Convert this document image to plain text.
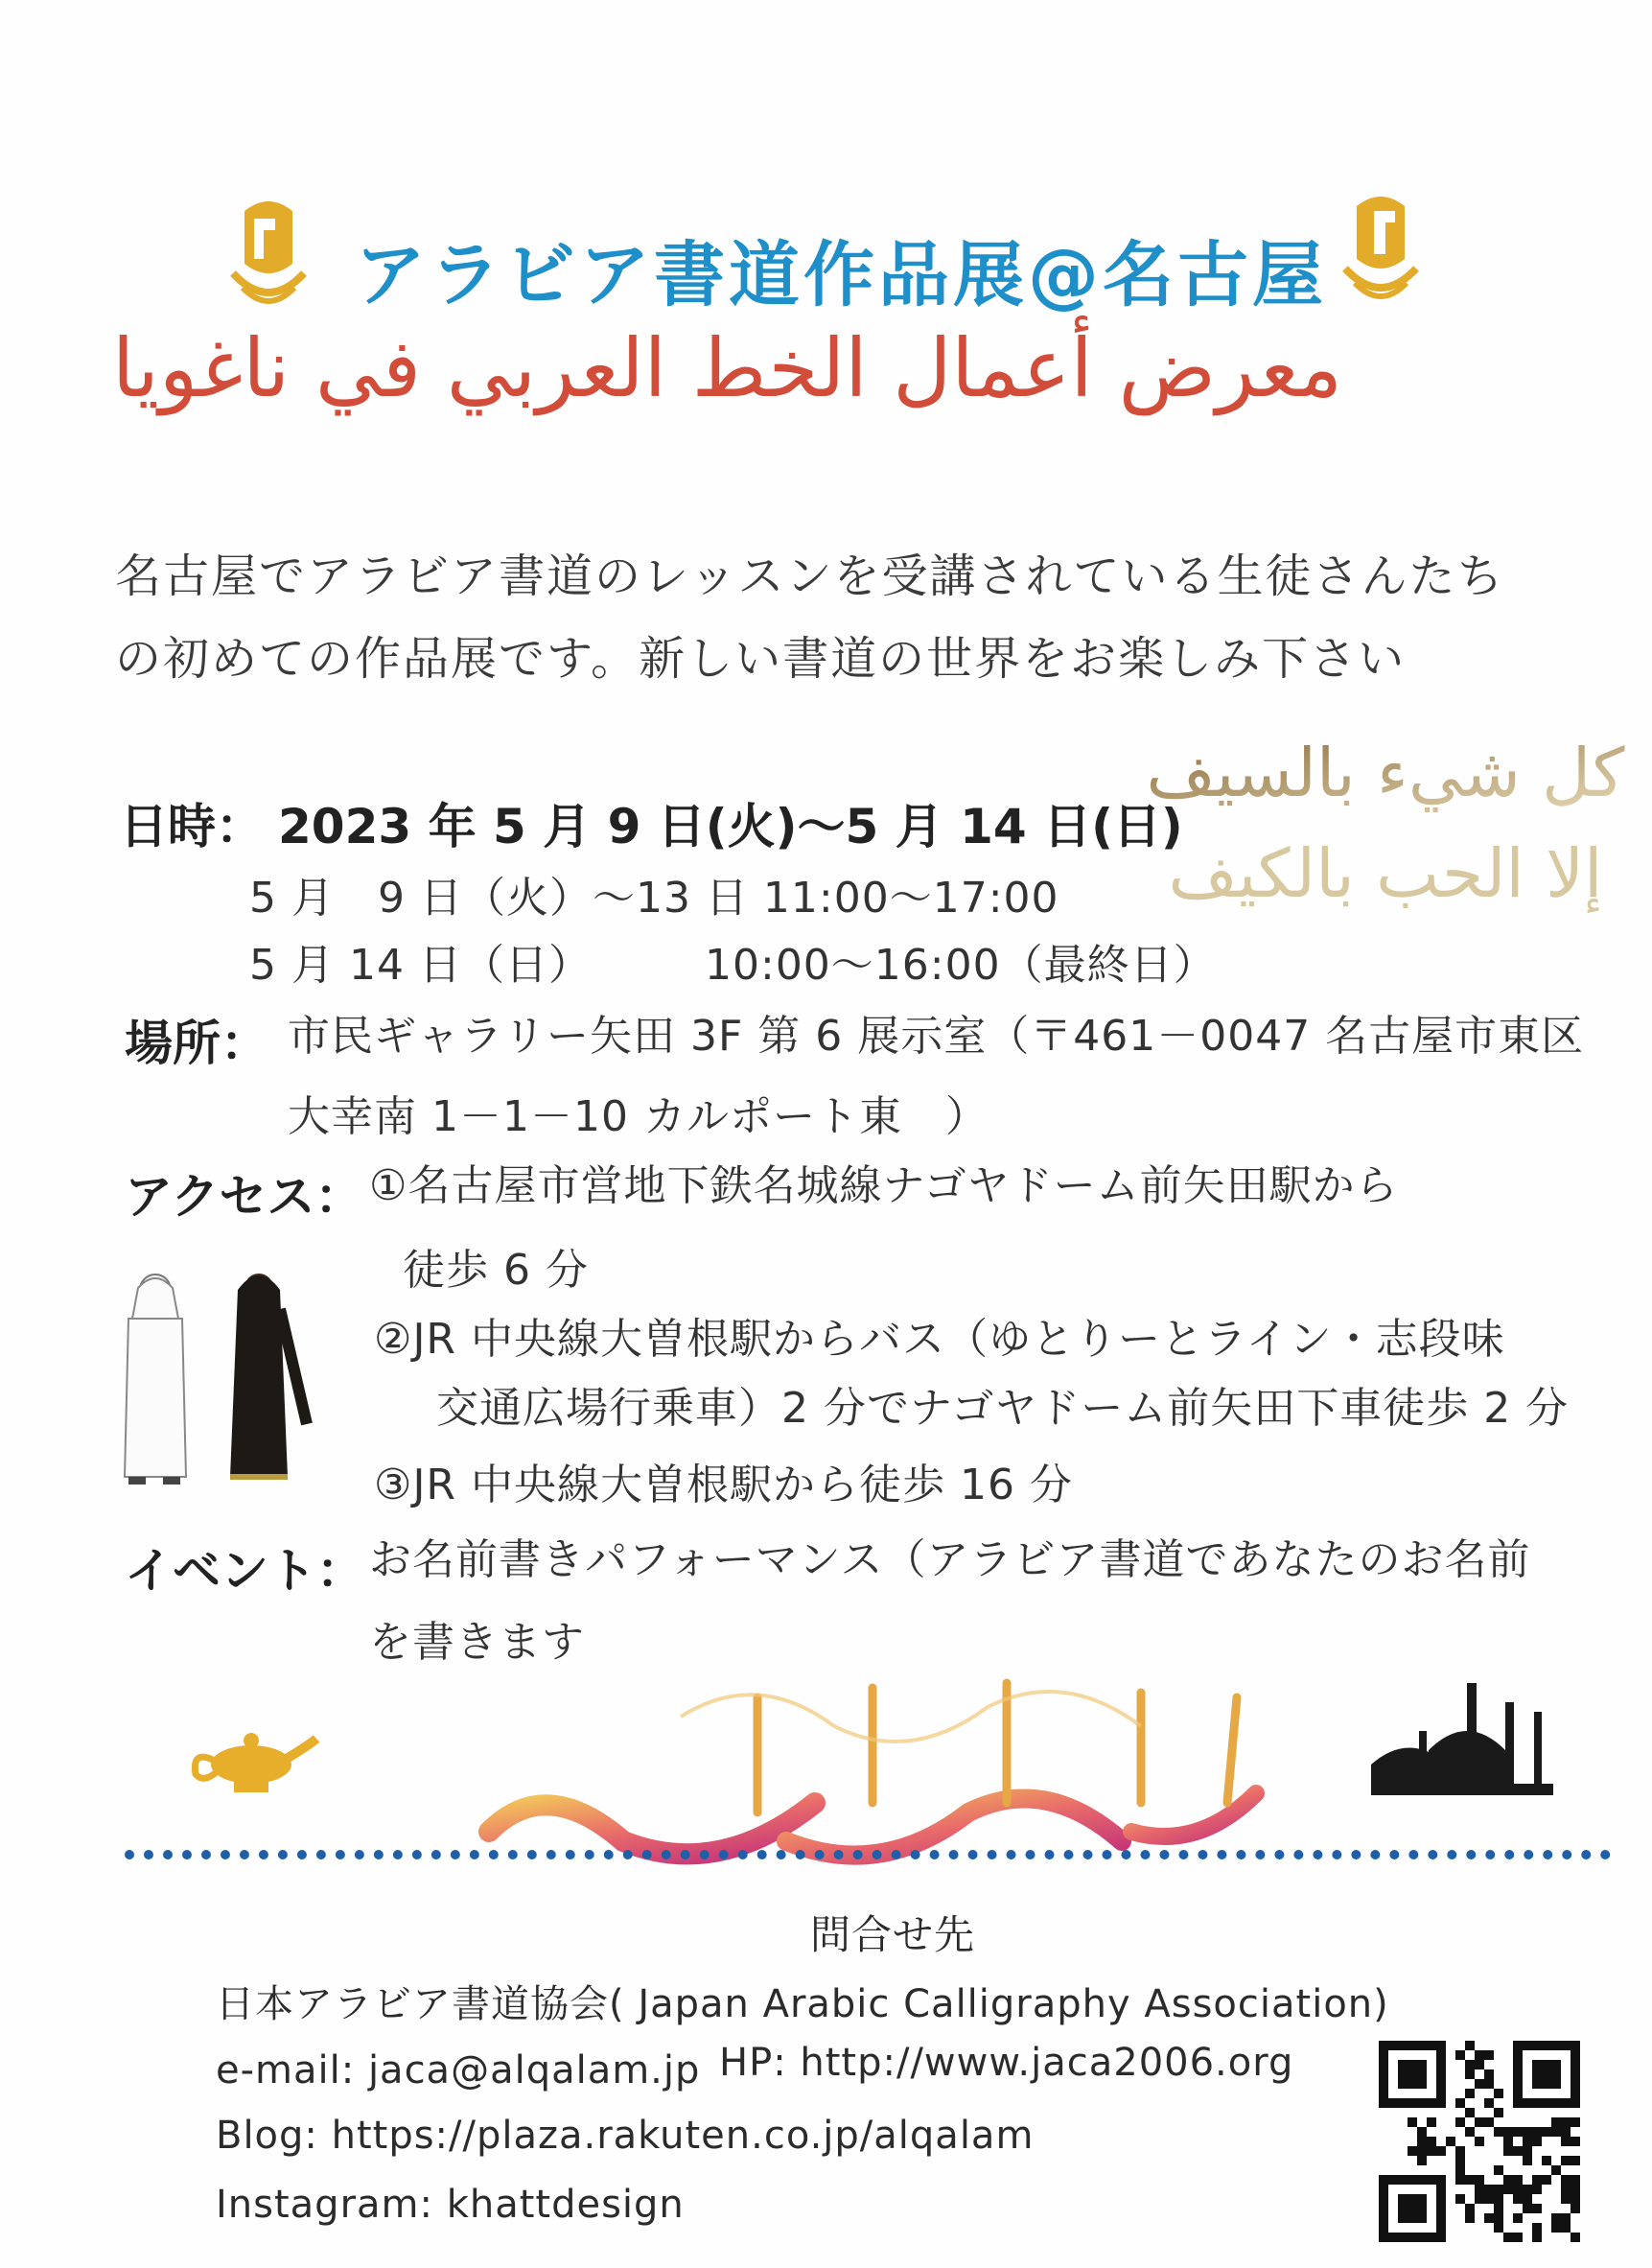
アラビア書道作品展@名古屋
معرض أعمال الخط العربي في ناغويا
名古屋でアラビア書道のレッスンを受講されている生徒さんたち
の初めての作品展です。新しい書道の世界をお楽しみ下さい
كل شيء بالسيف
إلا الحب بالكيف
日時： 2023 年 5 月 9 日(火)～5 月 14 日(日)
5 月　9 日（火）～13 日 11:00～17:00
5 月 14 日（日）	10:00～16:00（最終日）
場所： 市民ギャラリー矢田 3F 第 6 展示室（〒461－0047 名古屋市東区
大幸南 1－1－10 カルポート東　）
アクセス： ①名古屋市営地下鉄名城線ナゴヤドーム前矢田駅から
徒歩 6 分
②JR 中央線大曽根駅からバス（ゆとりーとライン・志段味
交通広場行乗車）2 分でナゴヤドーム前矢田下車徒歩 2 分
③JR 中央線大曽根駅から徒歩 16 分
イベント： お名前書きパフォーマンス（アラビア書道であなたのお名前
を書きます
問合せ先
日本アラビア書道協会( Japan Arabic Calligraphy Association)
e-mail: jaca@alqalam.jp HP: http://www.jaca2006.org
Blog: https://plaza.rakuten.co.jp/alqalam
Instagram: khattdesign
